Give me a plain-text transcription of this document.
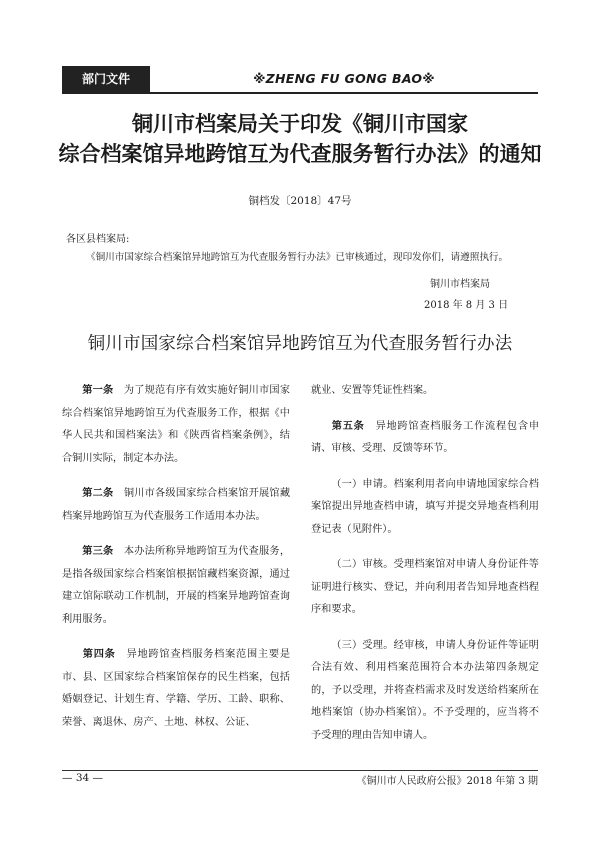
部门文件	※ZHENG FU GONG BAO※
铜川市档案局关于印发《铜川市国家
综合档案馆异地跨馆互为代查服务暂行办法》的通知
铜档发〔2018〕47号
各区县档案局:
《铜川市国家综合档案馆异地跨馆互为代查服务暂行办法》已审核通过，现印发你们，请遵照执行。
铜川市档案局
2018 年 8 月 3 日
铜川市国家综合档案馆异地跨馆互为代查服务暂行办法

第一条　 为了规范有序有效实施好铜川市国家综合档案馆异地跨馆互为代查服务工作，根据《中华人民共和国档案法》和《陕西省档案条例》，结合铜川实际，制定本办法。

第二条　 铜川市各级国家综合档案馆开展馆藏档案异地跨馆互为代查服务工作适用本办法。

第三条　 本办法所称异地跨馆互为代查服务，是指各级国家综合档案馆根据馆藏档案资源，通过建立馆际联动工作机制，开展的档案异地跨馆查询利用服务。

第四条　 异地跨馆查档服务档案范围主要是市、县、区国家综合档案馆保存的民生档案，包括婚姻登记、计划生育、学籍、学历、工龄、职称、荣誉、离退休、房产、土地、林权、公证、

就业、安置等凭证性档案。

第五条　 异地跨馆查档服务工作流程包含申请、审核、受理、反馈等环节。

（一）申请。档案利用者向申请地国家综合档案馆提出异地查档申请，填写并提交异地查档利用登记表（见附件）。

（二）审核。受理档案馆对申请人身份证件等证明进行核实、登记，并向利用者告知异地查档程序和要求。

（三）受理。经审核，申请人身份证件等证明合法有效、利用档案范围符合本办法第四条规定的，予以受理，并将查档需求及时发送给档案所在地档案馆（协办档案馆）。不予受理的，应当将不予受理的理由告知申请人。

— 34 —	《铜川市人民政府公报》2018 年第 3 期
